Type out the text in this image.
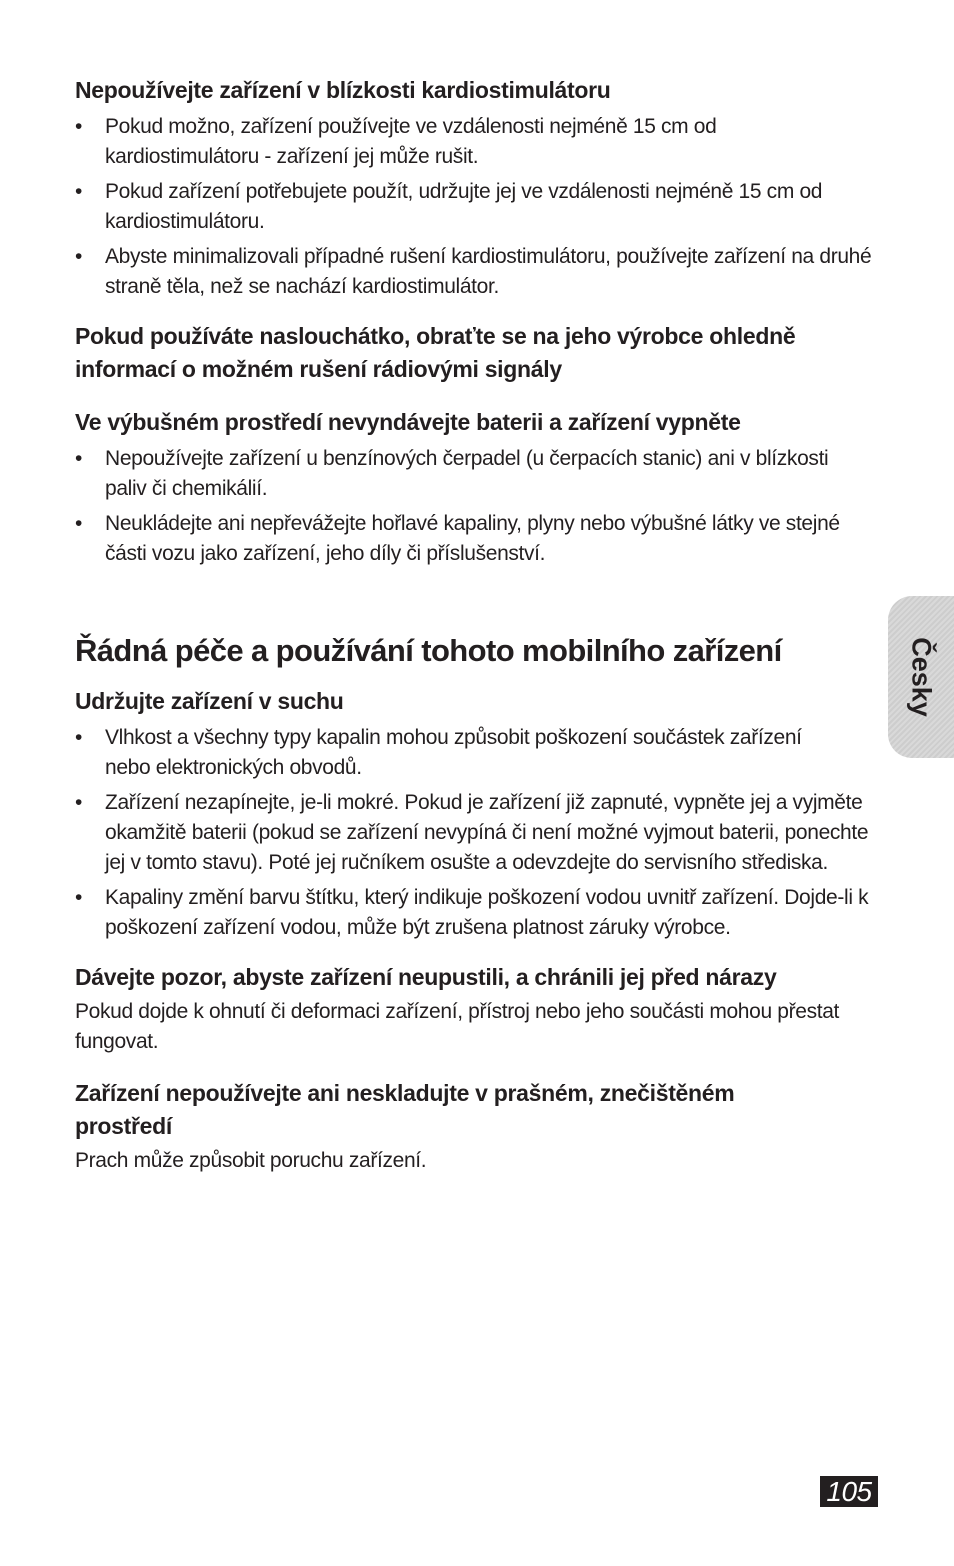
Nepoužívejte zařízení v blízkosti kardiostimulátoru
• Pokud možno, zařízení používejte ve vzdálenosti nejméně 15 cm od kardiostimulátoru - zařízení jej může rušit.
• Pokud zařízení potřebujete použít, udržujte jej ve vzdálenosti nejméně 15 cm od kardiostimulátoru.
• Abyste minimalizovali případné rušení kardiostimulátoru, používejte zařízení na druhé straně těla, než se nachází kardiostimulátor.
Pokud používáte naslouchátko, obraťte se na jeho výrobce ohledně informací o možném rušení rádiovými signály
Ve výbušném prostředí nevyndávejte baterii a zařízení vypněte
• Nepoužívejte zařízení u benzínových čerpadel (u čerpacích stanic) ani v blízkosti paliv či chemikálií.
• Neukládejte ani nepřevážejte hořlavé kapaliny, plyny nebo výbušné látky ve stejné části vozu jako zařízení, jeho díly či příslušenství.
Řádná péče a používání tohoto mobilního zařízení
Udržujte zařízení v suchu
• Vlhkost a všechny typy kapalin mohou způsobit poškození součástek zařízení nebo elektronických obvodů.
• Zařízení nezapínejte, je-li mokré. Pokud je zařízení již zapnuté, vypněte jej a vyjměte okamžitě baterii (pokud se zařízení nevypíná či není možné vyjmout baterii, ponechte jej v tomto stavu). Poté jej ručníkem osušte a odevzdejte do servisního střediska.
• Kapaliny změní barvu štítku, který indikuje poškození vodou uvnitř zařízení. Dojde-li k poškození zařízení vodou, může být zrušena platnost záruky výrobce.
Dávejte pozor, abyste zařízení neupustili, a chránili jej před nárazy

Pokud dojde k ohnutí či deformaci zařízení, přístroj nebo jeho součásti mohou přestat fungovat.

Zařízení nepoužívejte ani neskladujte v prašném, znečištěném prostředí

Prach může způsobit poruchu zařízení.

Česky
105
